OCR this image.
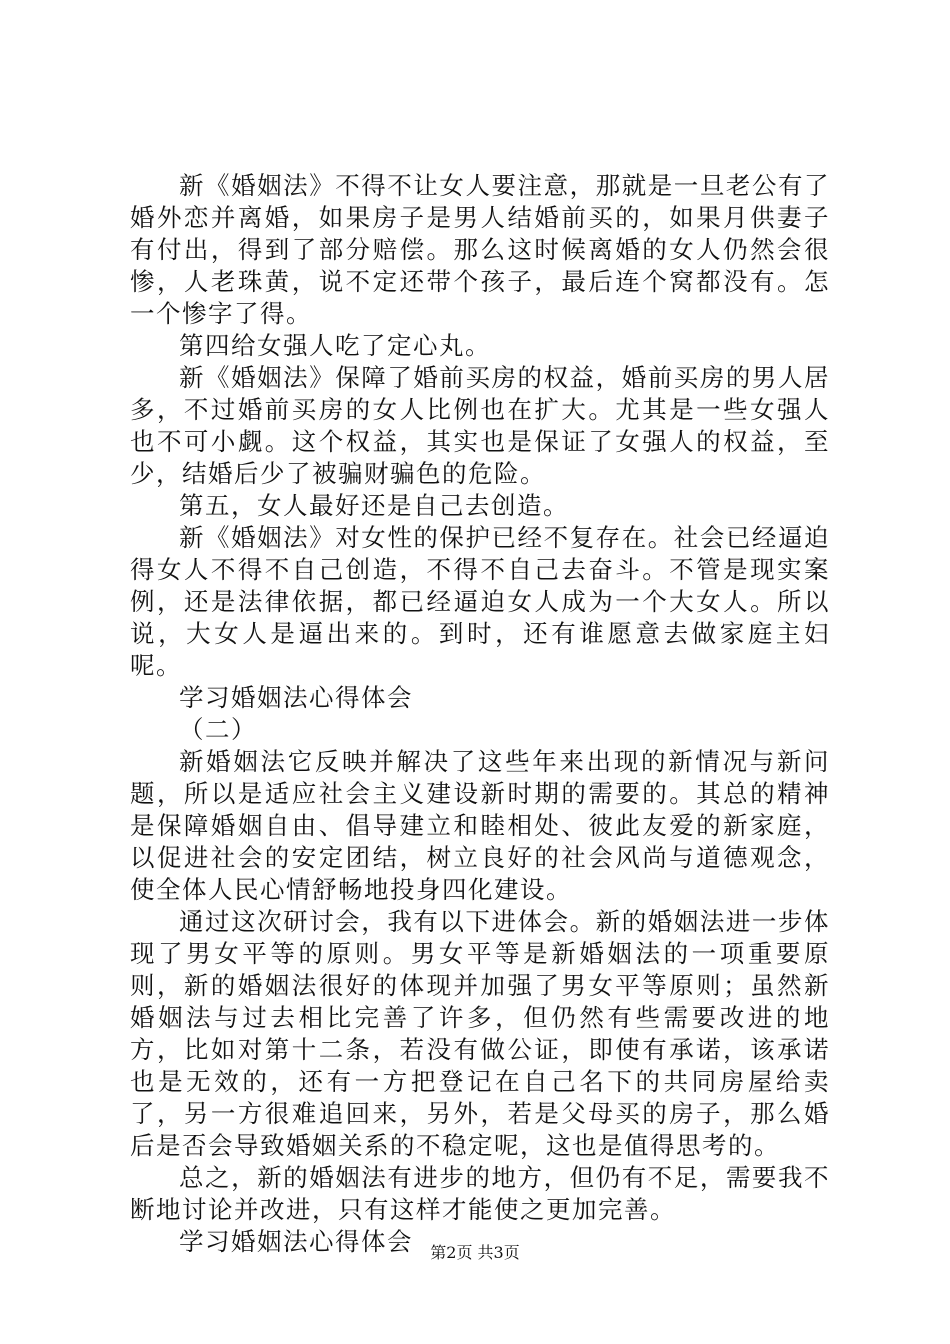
新《婚姻法》不得不让女人要注意，那就是一旦老公有了婚外恋并离婚，如果房子是男人结婚前买的，如果月供妻子有付出，得到了部分赔偿。那么这时候离婚的女人仍然会很惨，人老珠黄，说不定还带个孩子，最后连个窝都没有。怎一个惨字了得。

第四给女强人吃了定心丸。

新《婚姻法》保障了婚前买房的权益，婚前买房的男人居多，不过婚前买房的女人比例也在扩大。尤其是一些女强人也不可小觑。这个权益，其实也是保证了女强人的权益，至少，结婚后少了被骗财骗色的危险。

第五，女人最好还是自己去创造。

新《婚姻法》对女性的保护已经不复存在。社会已经逼迫得女人不得不自己创造，不得不自己去奋斗。不管是现实案例，还是法律依据，都已经逼迫女人成为一个大女人。所以说，大女人是逼出来的。到时，还有谁愿意去做家庭主妇呢。

学习婚姻法心得体会

（二）

新婚姻法它反映并解决了这些年来出现的新情况与新问题，所以是适应社会主义建设新时期的需要的。其总的精神是保障婚姻自由、倡导建立和睦相处、彼此友爱的新家庭，以促进社会的安定团结，树立良好的社会风尚与道德观念，使全体人民心情舒畅地投身四化建设。

通过这次研讨会，我有以下进体会。新的婚姻法进一步体现了男女平等的原则。男女平等是新婚姻法的一项重要原则，新的婚姻法很好的体现并加强了男女平等原则；虽然新婚姻法与过去相比完善了许多，但仍然有些需要改进的地方，比如对第十二条，若没有做公证，即使有承诺，该承诺也是无效的，还有一方把登记在自己名下的共同房屋给卖了，另一方很难追回来，另外，若是父母买的房子，那么婚后是否会导致婚姻关系的不稳定呢，这也是值得思考的。

总之，新的婚姻法有进步的地方，但仍有不足，需要我不断地讨论并改进，只有这样才能使之更加完善。

学习婚姻法心得体会	第2页 共3页
